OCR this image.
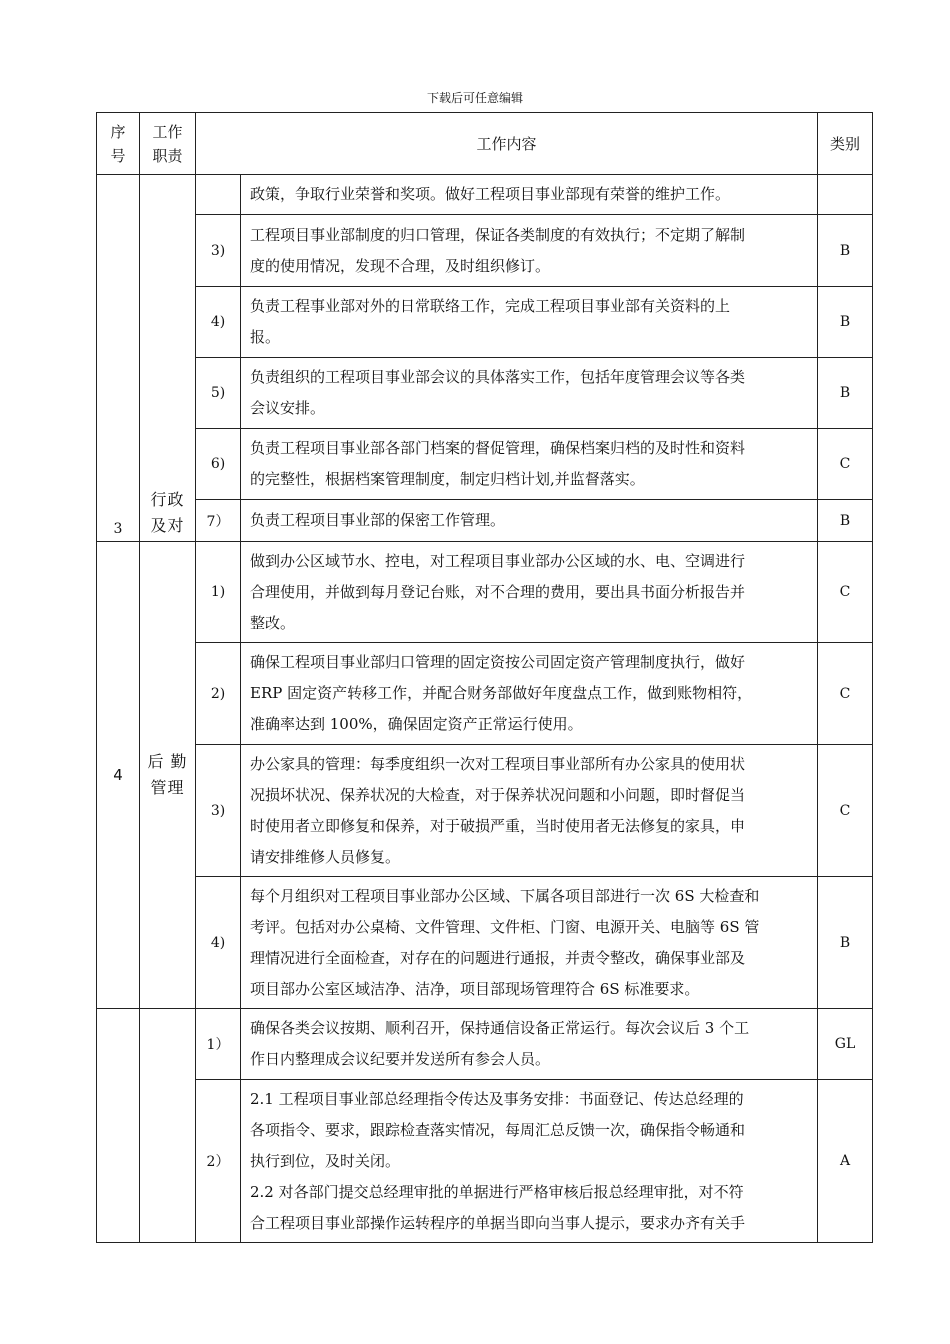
下载后可任意编辑
序
号	工作
职责	工作内容		类别

3	行政
及对		政策，争取行业荣誉和奖项。做好工程项目事业部现有荣誉的维护工作。	

		3)	工程项目事业部制度的归口管理，保证各类制度的有效执行；不定期了解制
度的使用情况，发现不合理，及时组织修订。	B
		4)	负责工程事业部对外的日常联络工作，完成工程项目事业部有关资料的上
报。	B
		5)	负责组织的工程项目事业部会议的具体落实工作，包括年度管理会议等各类
会议安排。	B
		6)	负责工程项目事业部各部门档案的督促管理，确保档案归档的及时性和资料
的完整性，根据档案管理制度，制定归档计划,并监督落实。	C
		7）	负责工程项目事业部的保密工作管理。	B
4	后 勤
管理	1)	做到办公区域节水、控电，对工程项目事业部办公区域的水、电、空调进行
合理使用，并做到每月登记台账，对不合理的费用，要出具书面分析报告并
整改。	C
		2)	确保工程项目事业部归口管理的固定资按公司固定资产管理制度执行，做好
ERP 固定资产转移工作，并配合财务部做好年度盘点工作，做到账物相符，
准确率达到 100%，确保固定资产正常运行使用。	C
		3)	办公家具的管理：每季度组织一次对工程项目事业部所有办公家具的使用状
况损坏状况、保养状况的大检查，对于保养状况问题和小问题，即时督促当
时使用者立即修复和保养，对于破损严重，当时使用者无法修复的家具，申
请安排维修人员修复。	C
		4)	每个月组织对工程项目事业部办公区域、下属各项目部进行一次 6S 大检查和
考评。包括对办公桌椅、文件管理、文件柜、门窗、电源开关、电脑等 6S 管
理情况进行全面检查，对存在的问题进行通报，并责令整改，确保事业部及
项目部办公室区域洁净、洁净，项目部现场管理符合 6S 标准要求。	B
		1）	确保各类会议按期、顺利召开，保持通信设备正常运行。每次会议后 3 个工
作日内整理成会议纪要并发送所有参会人员。	GL
		2）	2.1 工程项目事业部总经理指令传达及事务安排：书面登记、传达总经理的
各项指令、要求，跟踪检查落实情况，每周汇总反馈一次，确保指令畅通和
执行到位，及时关闭。
2.2 对各部门提交总经理审批的单据进行严格审核后报总经理审批，对不符
合工程项目事业部操作运转程序的单据当即向当事人提示，要求办齐有关手	A
